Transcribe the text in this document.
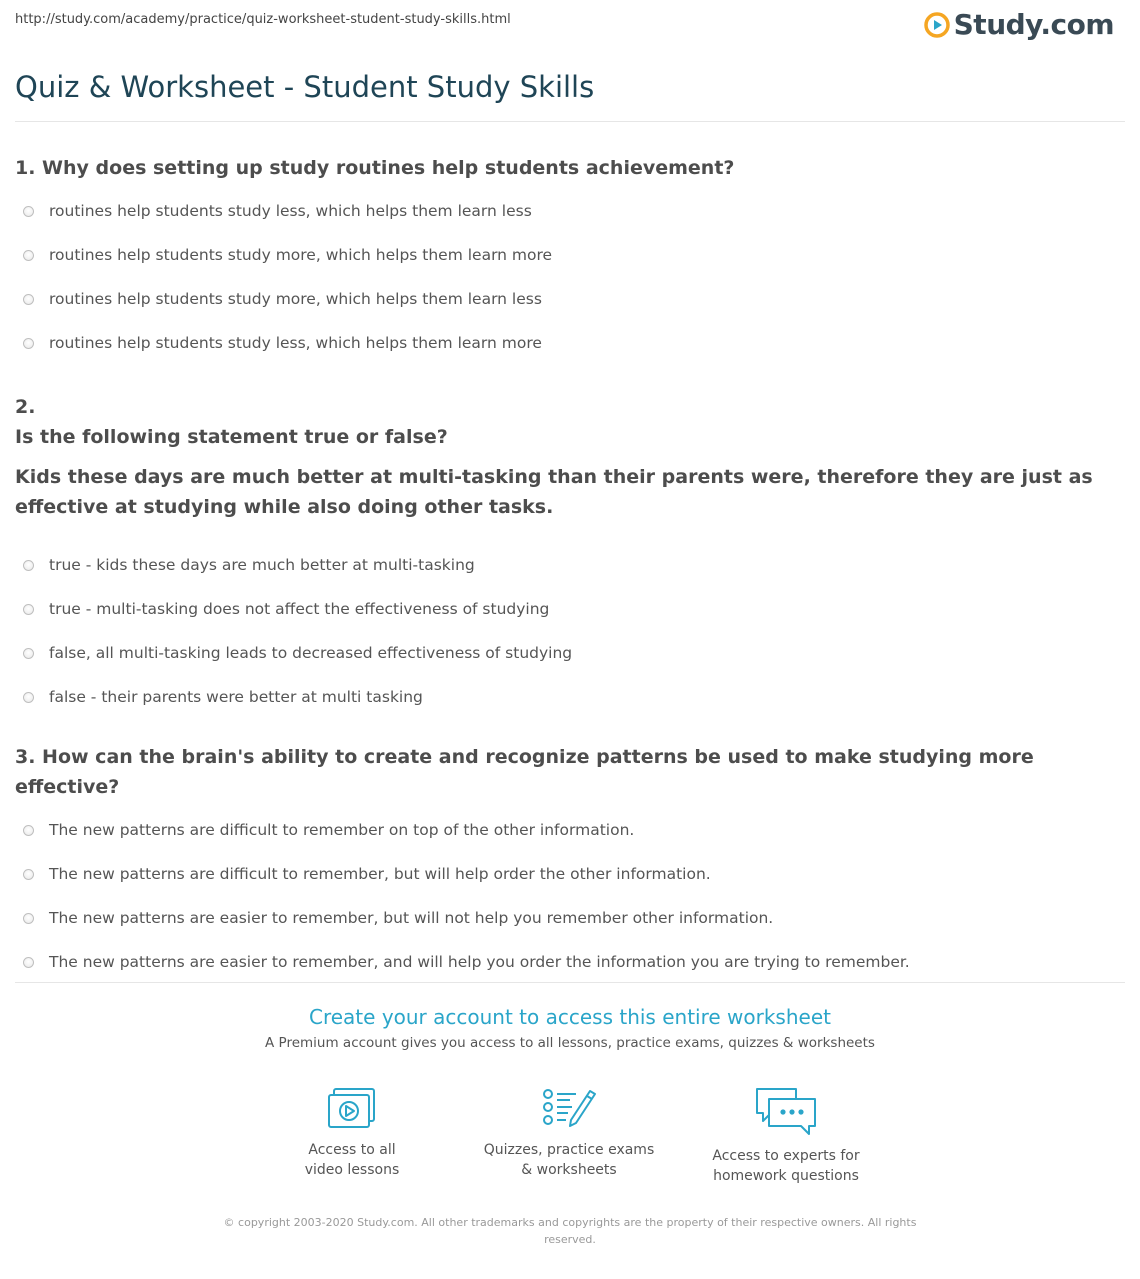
http://study.com/academy/practice/quiz-worksheet-student-study-skills.html	Study.com
Quiz & Worksheet - Student Study Skills

1. Why does setting up study routines help students achievement?

routines help students study less, which helps them learn less
routines help students study more, which helps them learn more
routines help students study more, which helps them learn less
routines help students study less, which helps them learn more

2.

Is the following statement true or false?

Kids these days are much better at multi-tasking than their parents were, therefore they are just as effective at studying while also doing other tasks.

true - kids these days are much better at multi-tasking
true - multi-tasking does not affect the effectiveness of studying
false, all multi-tasking leads to decreased effectiveness of studying
false - their parents were better at multi tasking

3. How can the brain's ability to create and recognize patterns be used to make studying more effective?

The new patterns are difficult to remember on top of the other information.
The new patterns are difficult to remember, but will help order the other information.
The new patterns are easier to remember, but will not help you remember other information.
The new patterns are easier to remember, and will help you order the information you are trying to remember.
Create your account to access this entire worksheet
A Premium account gives you access to all lessons, practice exams, quizzes & worksheets
Access to all
video lessons
Quizzes, practice exams
& worksheets
Access to experts for
homework questions
© copyright 2003-2020 Study.com. All other trademarks and copyrights are the property of their respective owners. All rights
reserved.
